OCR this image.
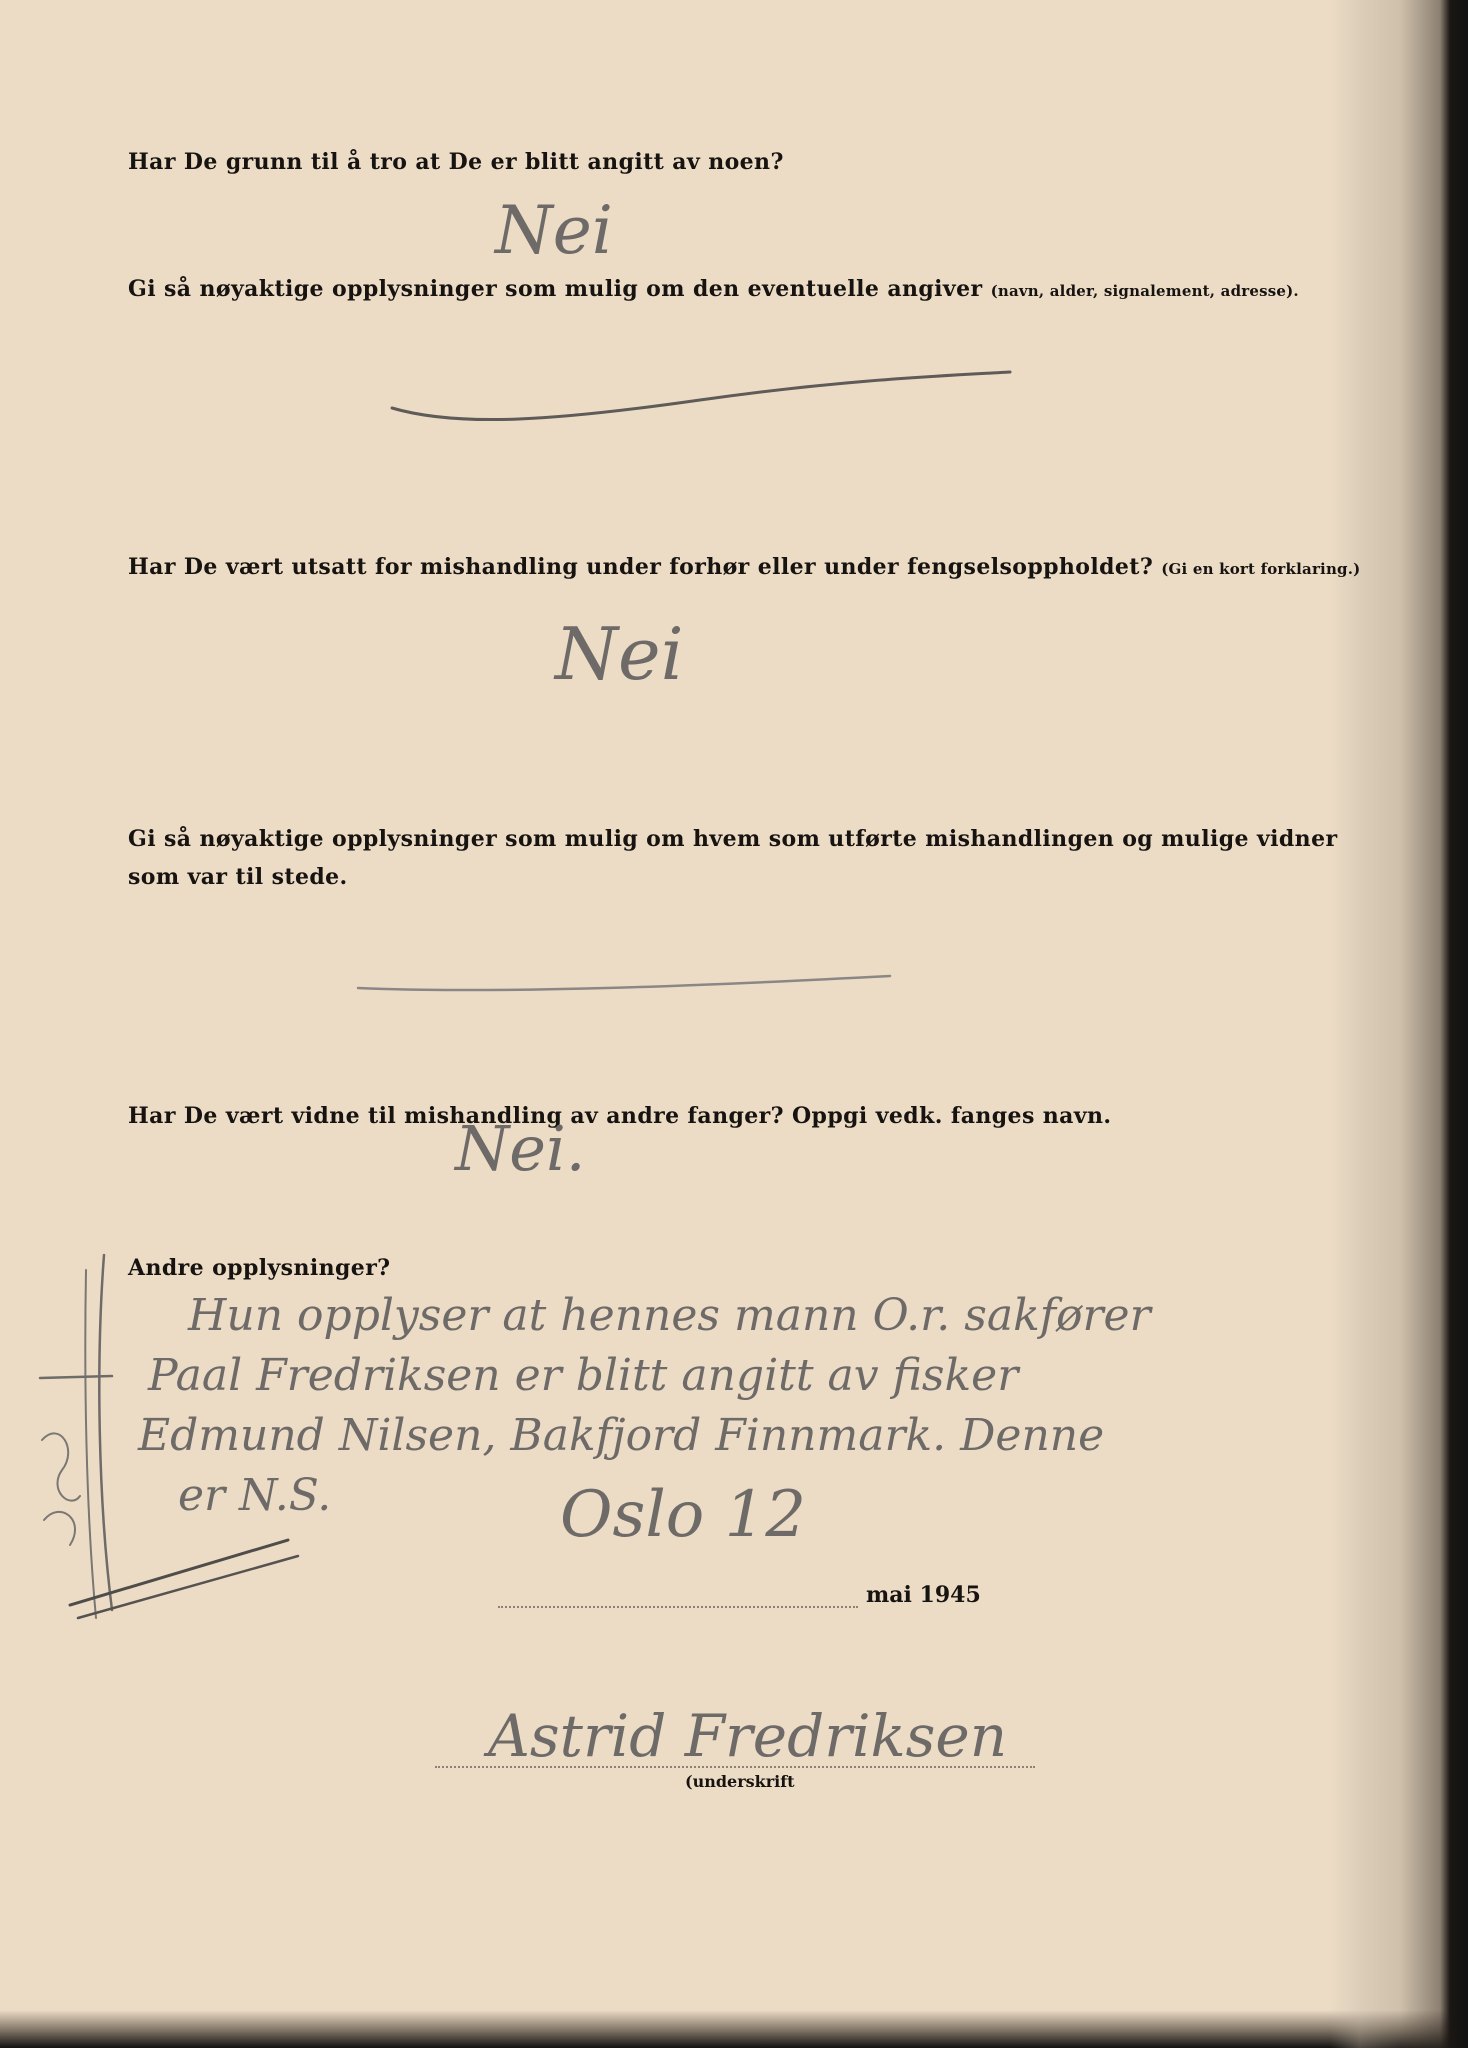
Har De grunn til å tro at De er blitt angitt av noen?
Gi så nøyaktige opplysninger som mulig om den eventuelle angiver (navn, alder, signalement, adresse).
Har De vært utsatt for mishandling under forhør eller under fengselsoppholdet? (Gi en kort forklaring.)
Gi så nøyaktige opplysninger som mulig om hvem som utførte mishandlingen og mulige vidner
som var til stede.
Har De vært vidne til mishandling av andre fanger? Oppgi vedk. fanges navn.
Andre opplysninger?
Nei
Nei
Nei.
Hun opplyser at hennes mann O.r. sakfører
Paal Fredriksen er blitt angitt av fisker
Edmund Nilsen, Bakfjord Finnmark. Denne
er N.S.	Oslo 12
mai 1945
Astrid Fredriksen
(underskrift
